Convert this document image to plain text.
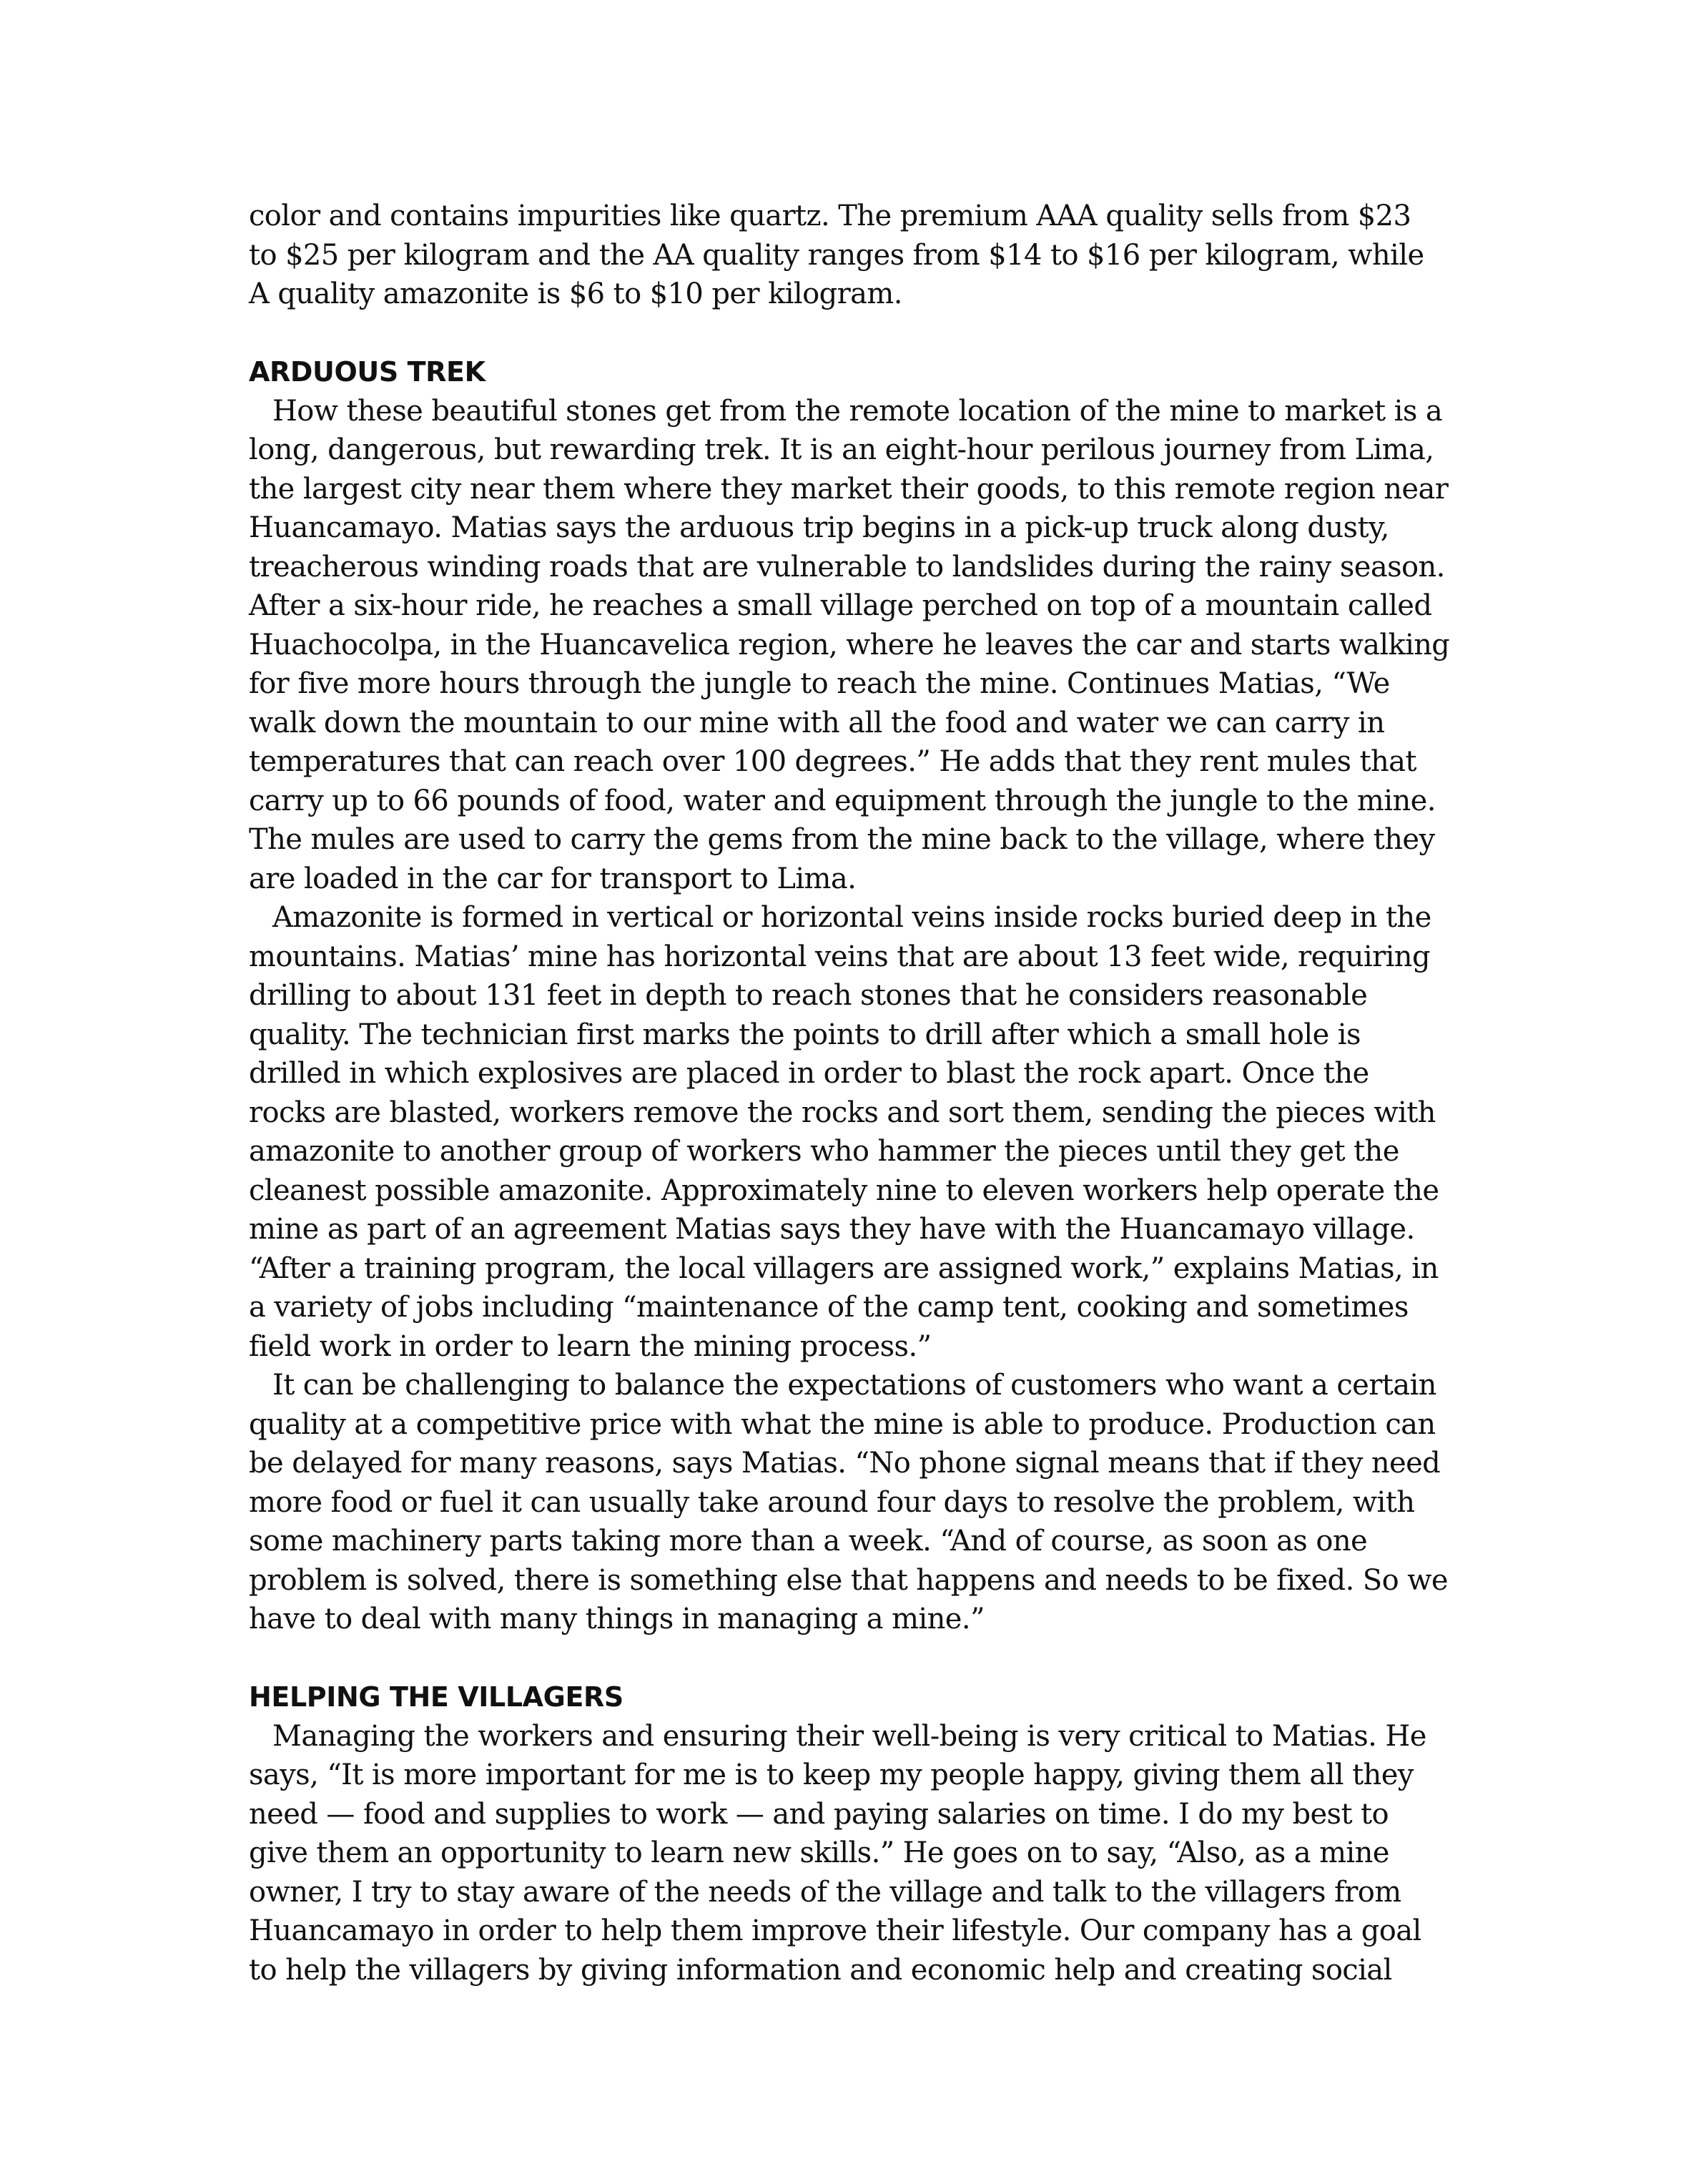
color and contains impurities like quartz. The premium AAA quality sells from $23
to $25 per kilogram and the AA quality ranges from $14 to $16 per kilogram, while
A quality amazonite is $6 to $10 per kilogram.
ARDUOUS TREK
How these beautiful stones get from the remote location of the mine to market is a
long, dangerous, but rewarding trek. It is an eight-hour perilous journey from Lima,
the largest city near them where they market their goods, to this remote region near
Huancamayo. Matias says the arduous trip begins in a pick-up truck along dusty,
treacherous winding roads that are vulnerable to landslides during the rainy season.
After a six-hour ride, he reaches a small village perched on top of a mountain called
Huachocolpa, in the Huancavelica region, where he leaves the car and starts walking
for five more hours through the jungle to reach the mine. Continues Matias, “We
walk down the mountain to our mine with all the food and water we can carry in
temperatures that can reach over 100 degrees.” He adds that they rent mules that
carry up to 66 pounds of food, water and equipment through the jungle to the mine.
The mules are used to carry the gems from the mine back to the village, where they
are loaded in the car for transport to Lima.
Amazonite is formed in vertical or horizontal veins inside rocks buried deep in the
mountains. Matias’ mine has horizontal veins that are about 13 feet wide, requiring
drilling to about 131 feet in depth to reach stones that he considers reasonable
quality. The technician first marks the points to drill after which a small hole is
drilled in which explosives are placed in order to blast the rock apart. Once the
rocks are blasted, workers remove the rocks and sort them, sending the pieces with
amazonite to another group of workers who hammer the pieces until they get the
cleanest possible amazonite. Approximately nine to eleven workers help operate the
mine as part of an agreement Matias says they have with the Huancamayo village.
“After a training program, the local villagers are assigned work,” explains Matias, in
a variety of jobs including “maintenance of the camp tent, cooking and sometimes
field work in order to learn the mining process.”
It can be challenging to balance the expectations of customers who want a certain
quality at a competitive price with what the mine is able to produce. Production can
be delayed for many reasons, says Matias. “No phone signal means that if they need
more food or fuel it can usually take around four days to resolve the problem, with
some machinery parts taking more than a week. “And of course, as soon as one
problem is solved, there is something else that happens and needs to be fixed. So we
have to deal with many things in managing a mine.”
HELPING THE VILLAGERS
Managing the workers and ensuring their well-being is very critical to Matias. He
says, “It is more important for me is to keep my people happy, giving them all they
need — food and supplies to work — and paying salaries on time. I do my best to
give them an opportunity to learn new skills.” He goes on to say, “Also, as a mine
owner, I try to stay aware of the needs of the village and talk to the villagers from
Huancamayo in order to help them improve their lifestyle. Our company has a goal
to help the villagers by giving information and economic help and creating social
